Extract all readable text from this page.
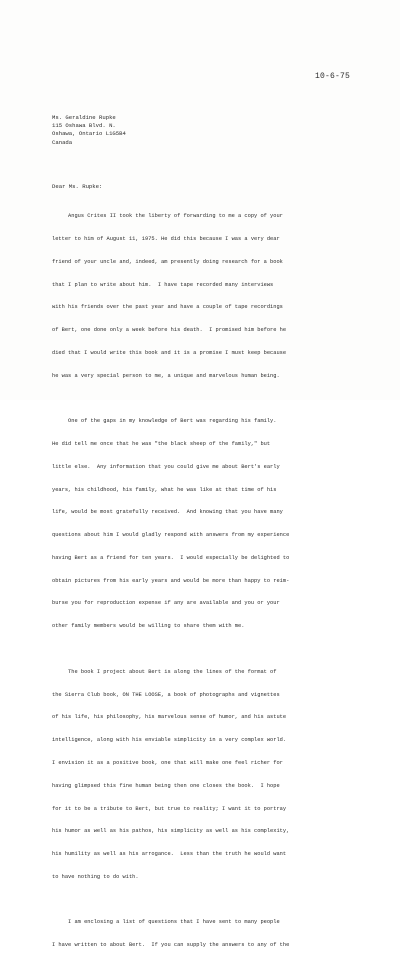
10-6-75
Ms. Geraldine Rupke
115 Oshawa Blvd. N.
Oshawa, Ontario L1G5B4
Canada
Dear Ms. Rupke:

Angus Crites II took the liberty of forwarding to me a copy of your

letter to him of August 11, 1975. He did this because I was a very dear

friend of your uncle and, indeed, am presently doing research for a book

that I plan to write about him.  I have tape recorded many interviews

with his friends over the past year and have a couple of tape recordings

of Bert, one done only a week before his death.  I promised him before he

died that I would write this book and it is a promise I must keep because

he was a very special person to me, a unique and marvelous human being.

One of the gaps in my knowledge of Bert was regarding his family.

He did tell me once that he was "the black sheep of the family," but

little else.  Any information that you could give me about Bert's early

years, his childhood, his family, what he was like at that time of his

life, would be most gratefully received.  And knowing that you have many

questions about him I would gladly respond with answers from my experience

having Bert as a friend for ten years.  I would especially be delighted to

obtain pictures from his early years and would be more than happy to reim-

burse you for reproduction expense if any are available and you or your

other family members would be willing to share them with me.

The book I project about Bert is along the lines of the format of

the Sierra Club book, ON THE LOOSE, a book of photographs and vignettes

of his life, his philosophy, his marvelous sense of humor, and his astute

intelligence, along with his enviable simplicity in a very complex world.

I envision it as a positive book, one that will make one feel richer for

having glimpsed this fine human being then one closes the book.  I hope

for it to be a tribute to Bert, but true to reality; I want it to portray

his humor as well as his pathos, his simplicity as well as his complexity,

his humility as well as his arrogance.  Less than the truth he would want

to have nothing to do with.

I am enclosing a list of questions that I have sent to many people

I have written to about Bert.  If you can supply the answers to any of the
